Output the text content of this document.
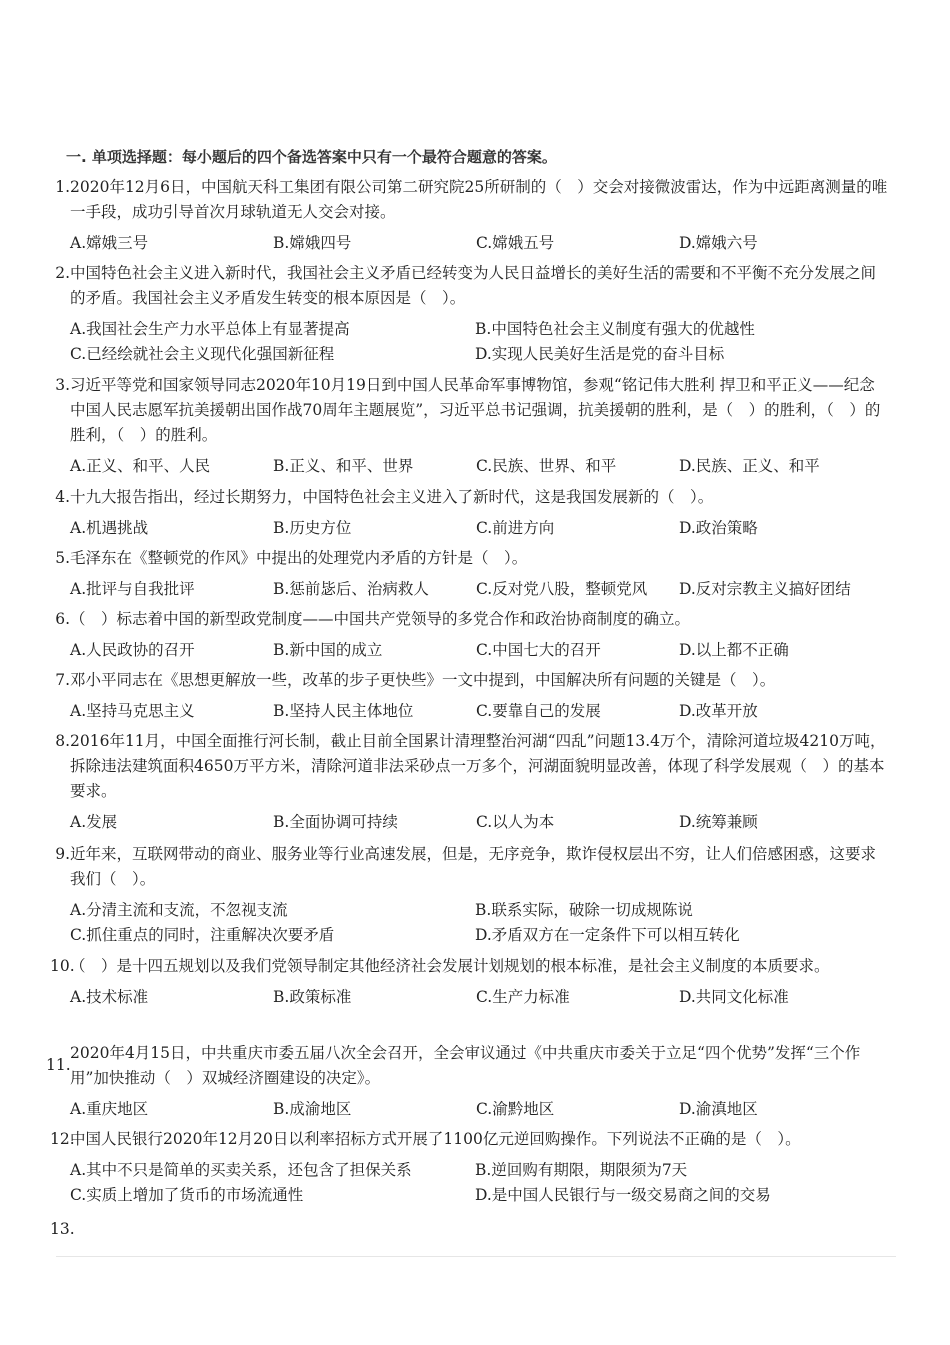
一. 单项选择题：每小题后的四个备选答案中只有一个最符合题意的答案。
1. 2020年12月6日，中国航天科工集团有限公司第二研究院25所研制的（　）交会对接微波雷达，作为中远距离测量的唯一手段，成功引导首次月球轨道无人交会对接。
A.嫦娥三号	B.嫦娥四号	C.嫦娥五号	D.嫦娥六号
2. 中国特色社会主义进入新时代，我国社会主义矛盾已经转变为人民日益增长的美好生活的需要和不平衡不充分发展之间的矛盾。我国社会主义矛盾发生转变的根本原因是（　）。
A.我国社会生产力水平总体上有显著提高	B.中国特色社会主义制度有强大的优越性
C.已经绘就社会主义现代化强国新征程	D.实现人民美好生活是党的奋斗目标
3. 习近平等党和国家领导同志2020年10月19日到中国人民革命军事博物馆，参观“铭记伟大胜利 捍卫和平正义——纪念中国人民志愿军抗美援朝出国作战70周年主题展览”，习近平总书记强调，抗美援朝的胜利，是（　）的胜利，（　）的胜利，（　）的胜利。
A.正义、和平、人民	B.正义、和平、世界	C.民族、世界、和平	D.民族、正义、和平
4. 十九大报告指出，经过长期努力，中国特色社会主义进入了新时代，这是我国发展新的（　）。
A.机遇挑战	B.历史方位	C.前进方向	D.政治策略
5. 毛泽东在《整顿党的作风》中提出的处理党内矛盾的方针是（　）。
A.批评与自我批评	B.惩前毖后、治病救人	C.反对党八股，整顿党风	D.反对宗教主义搞好团结
6. （　）标志着中国的新型政党制度——中国共产党领导的多党合作和政治协商制度的确立。
A.人民政协的召开	B.新中国的成立	C.中国七大的召开	D.以上都不正确
7. 邓小平同志在《思想更解放一些，改革的步子更快些》一文中提到，中国解决所有问题的关键是（　）。
A.坚持马克思主义	B.坚持人民主体地位	C.要靠自己的发展	D.改革开放
8. 2016年11月，中国全面推行河长制，截止目前全国累计清理整治河湖“四乱”问题13.4万个，清除河道垃圾4210万吨，拆除违法建筑面积4650万平方米，清除河道非法采砂点一万多个，河湖面貌明显改善，体现了科学发展观（　）的基本要求。
A.发展	B.全面协调可持续	C.以人为本	D.统筹兼顾
9. 近年来，互联网带动的商业、服务业等行业高速发展，但是，无序竞争，欺诈侵权层出不穷，让人们倍感困惑，这要求我们（　）。
A.分清主流和支流，不忽视支流	B.联系实际，破除一切成规陈说
C.抓住重点的同时，注重解决次要矛盾	D.矛盾双方在一定条件下可以相互转化
10.
（　）是十四五规划以及我们党领导制定其他经济社会发展计划规划的根本标准，是社会主义制度的本质要求。
A.技术标准	B.政策标准	C.生产力标准	D.共同文化标准
11.
2020年4月15日，中共重庆市委五届八次全会召开，全会审议通过《中共重庆市委关于立足“四个优势”发挥“三个作用”加快推动（　）双城经济圈建设的决定》。
A.重庆地区	B.成渝地区	C.渝黔地区	D.渝滇地区
12.
中国人民银行2020年12月20日以利率招标方式开展了1100亿元逆回购操作。下列说法不正确的是（　）。
A.其中不只是简单的买卖关系，还包含了担保关系	B.逆回购有期限，期限须为7天
C.实质上增加了货币的市场流通性	D.是中国人民银行与一级交易商之间的交易
13.
